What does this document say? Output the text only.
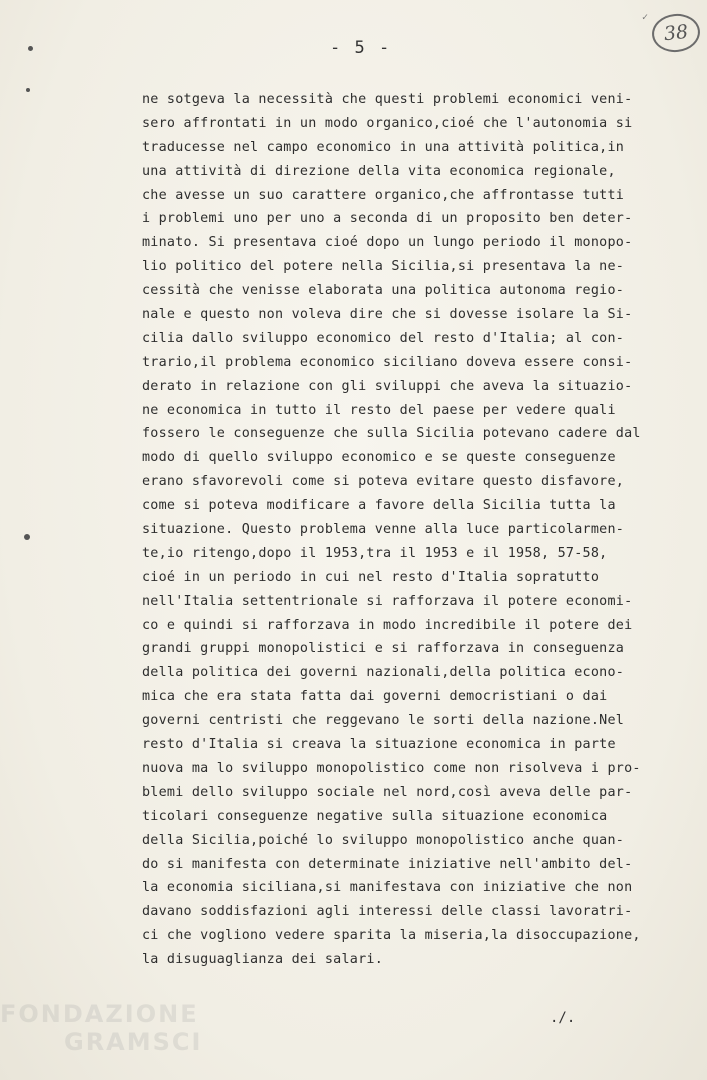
- 5 -
✓
38
ne sotgeva la necessità che questi problemi economici veni-
sero affrontati in un modo organico,cioé che l'autonomia si
traducesse nel campo economico in una attività politica,in
una attività di direzione della vita economica regionale,
che avesse un suo carattere organico,che affrontasse tutti
i problemi uno per uno a seconda di un proposito ben deter-
minato. Si presentava cioé dopo un lungo periodo il monopo-
lio politico del potere nella Sicilia,si presentava la ne-
cessità che venisse elaborata una politica autonoma regio-
nale e questo non voleva dire che si dovesse isolare la Si-
cilia dallo sviluppo economico del resto d'Italia; al con-
trario,il problema economico siciliano doveva essere consi-
derato in relazione con gli sviluppi che aveva la situazio-
ne economica in tutto il resto del paese per vedere quali
fossero le conseguenze che sulla Sicilia potevano cadere dal
modo di quello sviluppo economico e se queste conseguenze
erano sfavorevoli come si poteva evitare questo disfavore,
come si poteva modificare a favore della Sicilia tutta la
situazione. Questo problema venne alla luce particolarmen-
te,io ritengo,dopo il 1953,tra il 1953 e il 1958, 57-58,
cioé in un periodo in cui nel resto d'Italia sopratutto
nell'Italia settentrionale si rafforzava il potere economi-
co e quindi si rafforzava in modo incredibile il potere dei
grandi gruppi monopolistici e si rafforzava in conseguenza
della politica dei governi nazionali,della politica econo-
mica che era stata fatta dai governi democristiani o dai
governi centristi che reggevano le sorti della nazione.Nel
resto d'Italia si creava la situazione economica in parte
nuova ma lo sviluppo monopolistico come non risolveva i pro-
blemi dello sviluppo sociale nel nord,così aveva delle par-
ticolari conseguenze negative sulla situazione economica
della Sicilia,poiché lo sviluppo monopolistico anche quan-
do si manifesta con determinate iniziative nell'ambito del-
la economia siciliana,si manifestava con iniziative che non
davano soddisfazioni agli interessi delle classi lavoratri-
ci che vogliono vedere sparita la miseria,la disoccupazione,
la disuguaglianza dei salari.
./.
FONDAZIONE
GRAMSCI
